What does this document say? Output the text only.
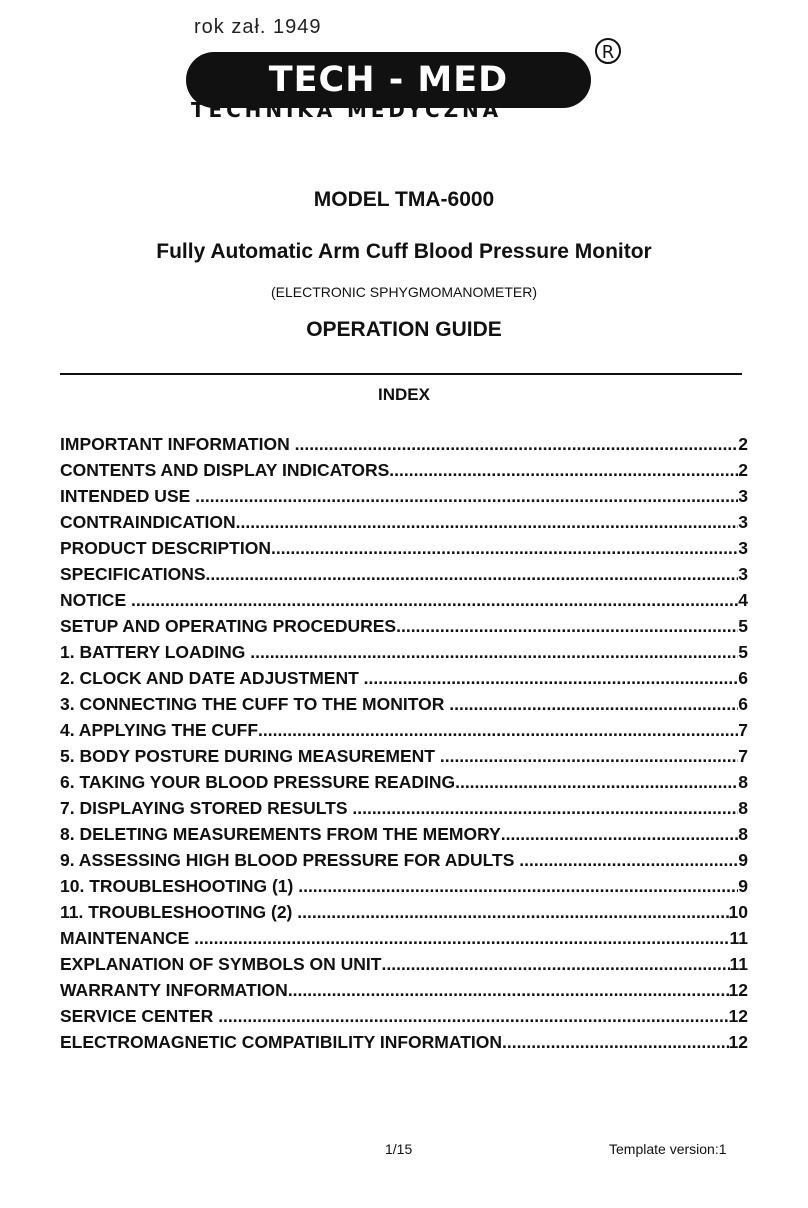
rok zał. 1949
TECH - MED
R
TECHNIKA MEDYCZNA
MODEL TMA-6000
Fully Automatic Arm Cuff Blood Pressure Monitor
(ELECTRONIC SPHYGMOMANOMETER)
OPERATION GUIDE
INDEX
IMPORTANT INFORMATION .....	2
CONTENTS AND DISPLAY INDICATORS .....	2
INTENDED USE .....	3
CONTRAINDICATION .....	3
PRODUCT DESCRIPTION .....	3
SPECIFICATIONS .....	3
NOTICE .....	4
SETUP AND OPERATING PROCEDURES .....	5
1. BATTERY LOADING .....	5
2. CLOCK AND DATE ADJUSTMENT .....	6
3. CONNECTING THE CUFF TO THE MONITOR .....	6
4. APPLYING THE CUFF .....	7
5. BODY POSTURE DURING MEASUREMENT .....	7
6. TAKING YOUR BLOOD PRESSURE READING .....	8
7. DISPLAYING STORED RESULTS .....	8
8. DELETING MEASUREMENTS FROM THE MEMORY .....	8
9. ASSESSING HIGH BLOOD PRESSURE FOR ADULTS .....	9
10. TROUBLESHOOTING (1) .....	9
11. TROUBLESHOOTING (2) .....	10
MAINTENANCE .....	11
EXPLANATION OF SYMBOLS ON UNIT .....	11
WARRANTY INFORMATION .....	12
SERVICE CENTER .....	12
ELECTROMAGNETIC COMPATIBILITY INFORMATION .....	12
1/15	Template version:1
